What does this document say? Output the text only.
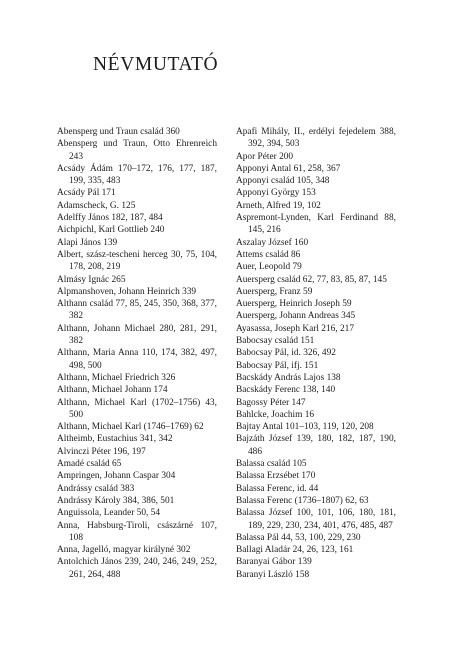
NÉVMUTATÓ
Abensperg und Traun család 360
Abensperg und Traun, Otto Ehrenreich 243
Acsády Ádám 170–172, 176, 177, 187, 199, 335, 483
Acsády Pál 171
Adamscheck, G. 125
Adelffy János 182, 187, 484
Aichpichl, Karl Gottlieb 240
Alapi János 139
Albert, szász-tescheni herceg 30, 75, 104, 178, 208, 219
Almásy Ignác 265
Alpmanshoven, Johann Heinrich 339
Althann család 77, 85, 245, 350, 368, 377, 382
Althann, Johann Michael 280, 281, 291, 382
Althann, Maria Anna 110, 174, 382, 497, 498, 500
Althann, Michael Friedrich 326
Althann, Michael Johann 174
Althann, Michael Karl (1702–1756) 43, 500
Althann, Michael Karl (1746–1769) 62
Altheimb, Eustachius 341, 342
Alvinczi Péter 196, 197
Amadé család 65
Ampringen, Johann Caspar 304
Andrássy család 383
Andrássy Károly 384, 386, 501
Anguissola, Leander 50, 54
Anna, Habsburg-Tiroli, császárné 107, 108
Anna, Jagelló, magyar királyné 302
Antolchich János 239, 240, 246, 249, 252, 261, 264, 488
Apafi Mihály, II., erdélyi fejedelem 388, 392, 394, 503
Apor Péter 200
Apponyi Antal 61, 258, 367
Apponyi család 105, 348
Apponyi György 153
Arneth, Alfred 19, 102
Aspremont-Lynden, Karl Ferdinand 88, 145, 216
Aszalay József 160
Attems család 86
Auer, Leopold 79
Auersperg család 62, 77, 83, 85, 87, 145
Auersperg, Franz 59
Auersperg, Heinrich Joseph 59
Auersperg, Johann Andreas 345
Ayasassa, Joseph Karl 216, 217
Babocsay család 151
Babocsay Pál, id. 326, 492
Babocsay Pál, ifj. 151
Bacskády András Lajos 138
Bacskády Ferenc 138, 140
Bagossy Péter 147
Bahlcke, Joachim 16
Bajtay Antal 101–103, 119, 120, 208
Bajzáth József 139, 180, 182, 187, 190, 486
Balassa család 105
Balassa Erzsébet 170
Balassa Ferenc, id. 44
Balassa Ferenc (1736–1807) 62, 63
Balassa József 100, 101, 106, 180, 181, 189, 229, 230, 234, 401, 476, 485, 487
Balassa Pál 44, 53, 100, 229, 230
Ballagi Aladár 24, 26, 123, 161
Baranyai Gábor 139
Baranyi László 158
